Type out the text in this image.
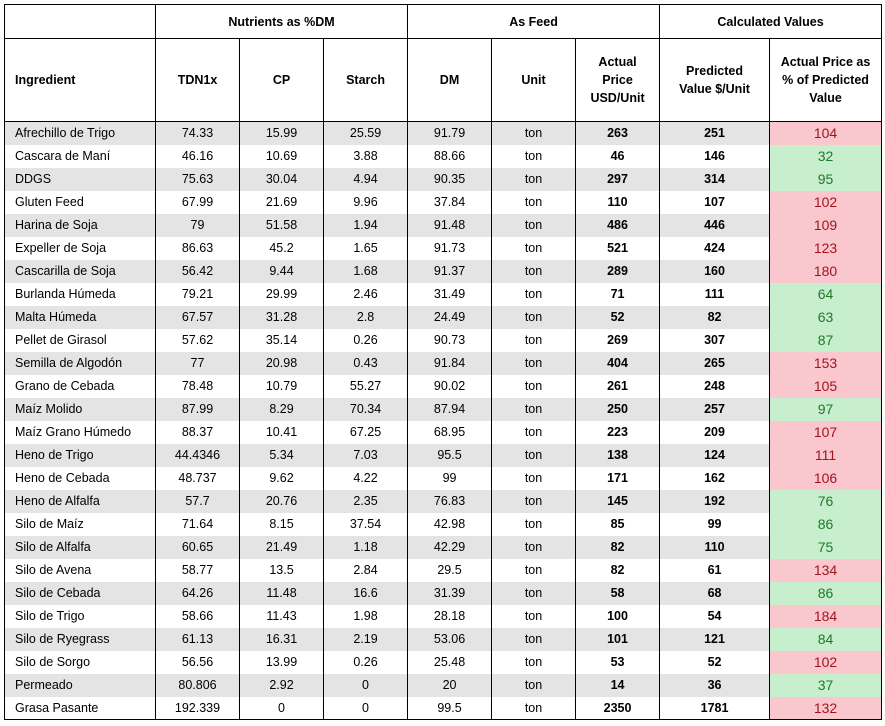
	Nutrients as %DM			As Feed			Calculated Values	
Ingredient	TDN1x	CP	Starch	DM	Unit	Actual Price USD/Unit	Predicted Value $/Unit	Actual Price as % of Predicted Value
Afrechillo de Trigo	74.33	15.99	25.59	91.79	ton	263	251	104
Cascara de Maní	46.16	10.69	3.88	88.66	ton	46	146	32
DDGS	75.63	30.04	4.94	90.35	ton	297	314	95
Gluten Feed	67.99	21.69	9.96	37.84	ton	110	107	102
Harina de Soja	79	51.58	1.94	91.48	ton	486	446	109
Expeller de Soja	86.63	45.2	1.65	91.73	ton	521	424	123
Cascarilla de Soja	56.42	9.44	1.68	91.37	ton	289	160	180
Burlanda Húmeda	79.21	29.99	2.46	31.49	ton	71	111	64
Malta Húmeda	67.57	31.28	2.8	24.49	ton	52	82	63
Pellet de Girasol	57.62	35.14	0.26	90.73	ton	269	307	87
Semilla de Algodón	77	20.98	0.43	91.84	ton	404	265	153
Grano de Cebada	78.48	10.79	55.27	90.02	ton	261	248	105
Maíz Molido	87.99	8.29	70.34	87.94	ton	250	257	97
Maíz Grano Húmedo	88.37	10.41	67.25	68.95	ton	223	209	107
Heno de Trigo	44.4346	5.34	7.03	95.5	ton	138	124	111
Heno de Cebada	48.737	9.62	4.22	99	ton	171	162	106
Heno de Alfalfa	57.7	20.76	2.35	76.83	ton	145	192	76
Silo de Maíz	71.64	8.15	37.54	42.98	ton	85	99	86
Silo de Alfalfa	60.65	21.49	1.18	42.29	ton	82	110	75
Silo de Avena	58.77	13.5	2.84	29.5	ton	82	61	134
Silo de Cebada	64.26	11.48	16.6	31.39	ton	58	68	86
Silo de Trigo	58.66	11.43	1.98	28.18	ton	100	54	184
Silo de Ryegrass	61.13	16.31	2.19	53.06	ton	101	121	84
Silo de Sorgo	56.56	13.99	0.26	25.48	ton	53	52	102
Permeado	80.806	2.92	0	20	ton	14	36	37
Grasa Pasante	192.339	0	0	99.5	ton	2350	1781	132
